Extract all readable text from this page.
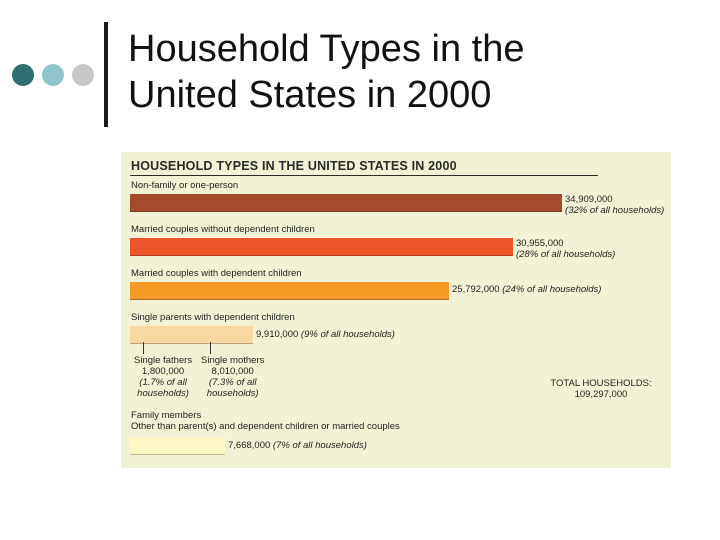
Household Types in the
United States in 2000
HOUSEHOLD TYPES IN THE UNITED STATES IN 2000
Non-family or one-person
Married couples without dependent children
Married couples with dependent children
Single parents with dependent children
Family members
Other than parent(s) and dependent children or married couples
34,909,000
(32% of all households)
30,955,000
(28% of all households)
25,792,000 (24% of all households)
9,910,000 (9% of all households)
7,668,000 (7% of all households)
Single fathers
1,800,000
(1.7% of all
households)
Single mothers
8,010,000
(7.3% of all
households)
TOTAL HOUSEHOLDS:
109,297,000
